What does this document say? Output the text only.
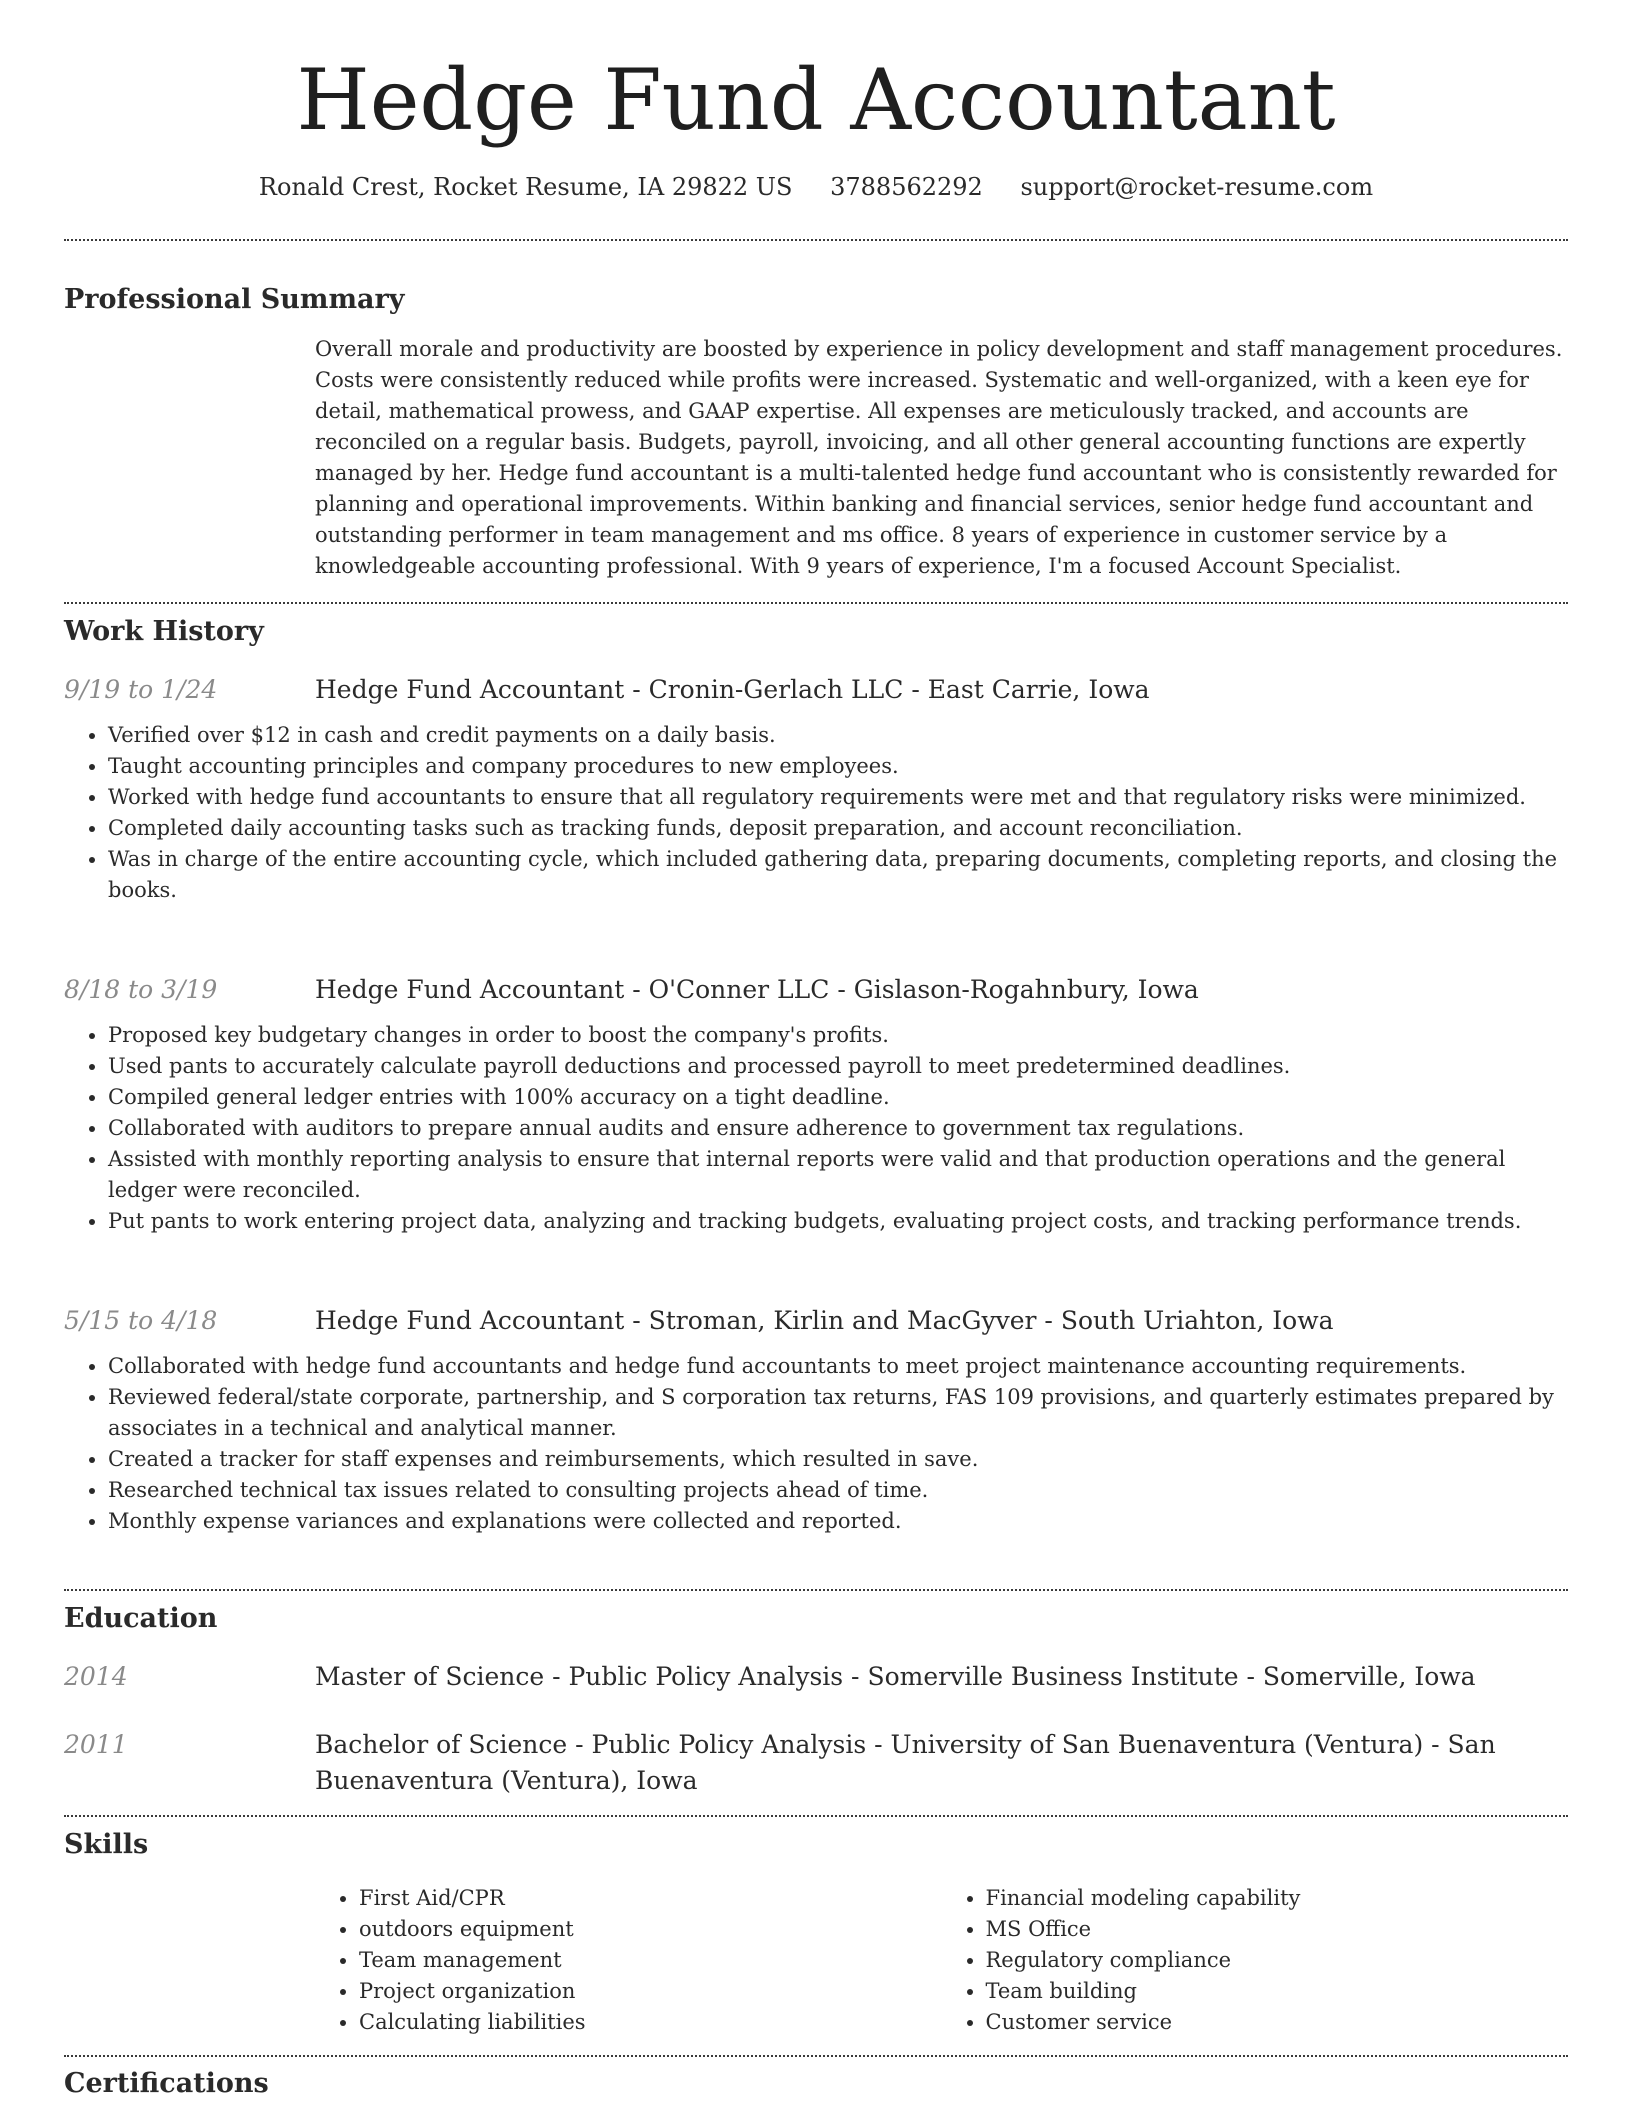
Hedge Fund Accountant
Ronald Crest, Rocket Resume, IA 29822 US 3788562292 support@rocket-resume.com
Professional Summary

Overall morale and productivity are boosted by experience in policy development and staff management procedures. Costs were consistently reduced while profits were increased. Systematic and well-organized, with a keen eye for detail, mathematical prowess, and GAAP expertise. All expenses are meticulously tracked, and accounts are reconciled on a regular basis. Budgets, payroll, invoicing, and all other general accounting functions are expertly managed by her. Hedge fund accountant is a multi-talented hedge fund accountant who is consistently rewarded for planning and operational improvements. Within banking and financial services, senior hedge fund accountant and outstanding performer in team management and ms office. 8 years of experience in customer service by a knowledgeable accounting professional. With 9 years of experience, I'm a focused Account Specialist.

Work History
9/19 to 1/24	Hedge Fund Accountant - Cronin-Gerlach LLC - East Carrie, Iowa
• Verified over $12 in cash and credit payments on a daily basis.
• Taught accounting principles and company procedures to new employees.
• Worked with hedge fund accountants to ensure that all regulatory requirements were met and that regulatory risks were minimized.
• Completed daily accounting tasks such as tracking funds, deposit preparation, and account reconciliation.
• Was in charge of the entire accounting cycle, which included gathering data, preparing documents, completing reports, and closing the books.
8/18 to 3/19	Hedge Fund Accountant - O'Conner LLC - Gislason-Rogahnbury, Iowa
• Proposed key budgetary changes in order to boost the company's profits.
• Used pants to accurately calculate payroll deductions and processed payroll to meet predetermined deadlines.
• Compiled general ledger entries with 100% accuracy on a tight deadline.
• Collaborated with auditors to prepare annual audits and ensure adherence to government tax regulations.
• Assisted with monthly reporting analysis to ensure that internal reports were valid and that production operations and the general ledger were reconciled.
• Put pants to work entering project data, analyzing and tracking budgets, evaluating project costs, and tracking performance trends.
5/15 to 4/18	Hedge Fund Accountant - Stroman, Kirlin and MacGyver - South Uriahton, Iowa
• Collaborated with hedge fund accountants and hedge fund accountants to meet project maintenance accounting requirements.
• Reviewed federal/state corporate, partnership, and S corporation tax returns, FAS 109 provisions, and quarterly estimates prepared by associates in a technical and analytical manner.
• Created a tracker for staff expenses and reimbursements, which resulted in save.
• Researched technical tax issues related to consulting projects ahead of time.
• Monthly expense variances and explanations were collected and reported.
Education
2014	Master of Science - Public Policy Analysis - Somerville Business Institute - Somerville, Iowa
2011	Bachelor of Science - Public Policy Analysis - University of San Buenaventura (Ventura) - San Buenaventura (Ventura), Iowa
Skills
• First Aid/CPR
• outdoors equipment
• Team management
• Project organization
• Calculating liabilities
• Financial modeling capability
• MS Office
• Regulatory compliance
• Team building
• Customer service
Certifications
